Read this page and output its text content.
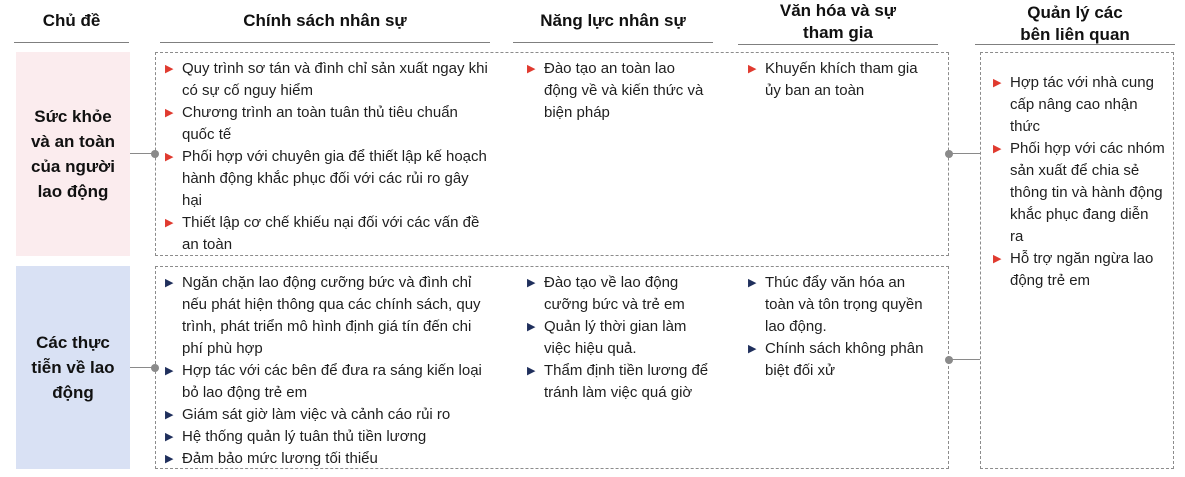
Chủ đề	Chính sách nhân sự	Năng lực nhân sự
Văn hóa và sự
tham gia
Quản lý các
bên liên quan
Sức khỏe
và an toàn
của người
lao động
▶ Quy trình sơ tán và đình chỉ sản xuất ngay khi có sự cố nguy hiểm
▶ Chương trình an toàn tuân thủ tiêu chuẩn quốc tế
▶ Phối hợp với chuyên gia để thiết lập kế hoạch hành động khắc phục đối với các rủi ro gây hại
▶ Thiết lập cơ chế khiếu nại đối với các vấn đề an toàn
▶ Đào tạo an toàn lao động về và kiến thức và biện pháp
▶ Khuyến khích tham gia ủy ban an toàn
Các thực
tiễn về lao
động
▶ Ngăn chặn lao động cưỡng bức và đình chỉ nếu phát hiện thông qua các chính sách, quy trình, phát triển mô hình định giá tín đến chi phí phù hợp
▶ Hợp tác với các bên để đưa ra sáng kiến loại bỏ lao động trẻ em
▶ Giám sát giờ làm việc và cảnh cáo rủi ro
▶ Hệ thống quản lý tuân thủ tiền lương
▶ Đảm bảo mức lương tối thiểu
▶ Đào tạo về lao động cưỡng bức và trẻ em
▶ Quản lý thời gian làm việc hiệu quả.
▶ Thẩm định tiền lương để tránh làm việc quá giờ
▶ Thúc đẩy văn hóa an toàn và tôn trọng quyền lao động.
▶ Chính sách không phân biệt đối xử
▶ Hợp tác với nhà cung cấp nâng cao nhận thức
▶ Phối hợp với các nhóm sản xuất để chia sẻ thông tin và hành động khắc phục đang diễn ra
▶ Hỗ trợ ngăn ngừa lao động trẻ em
